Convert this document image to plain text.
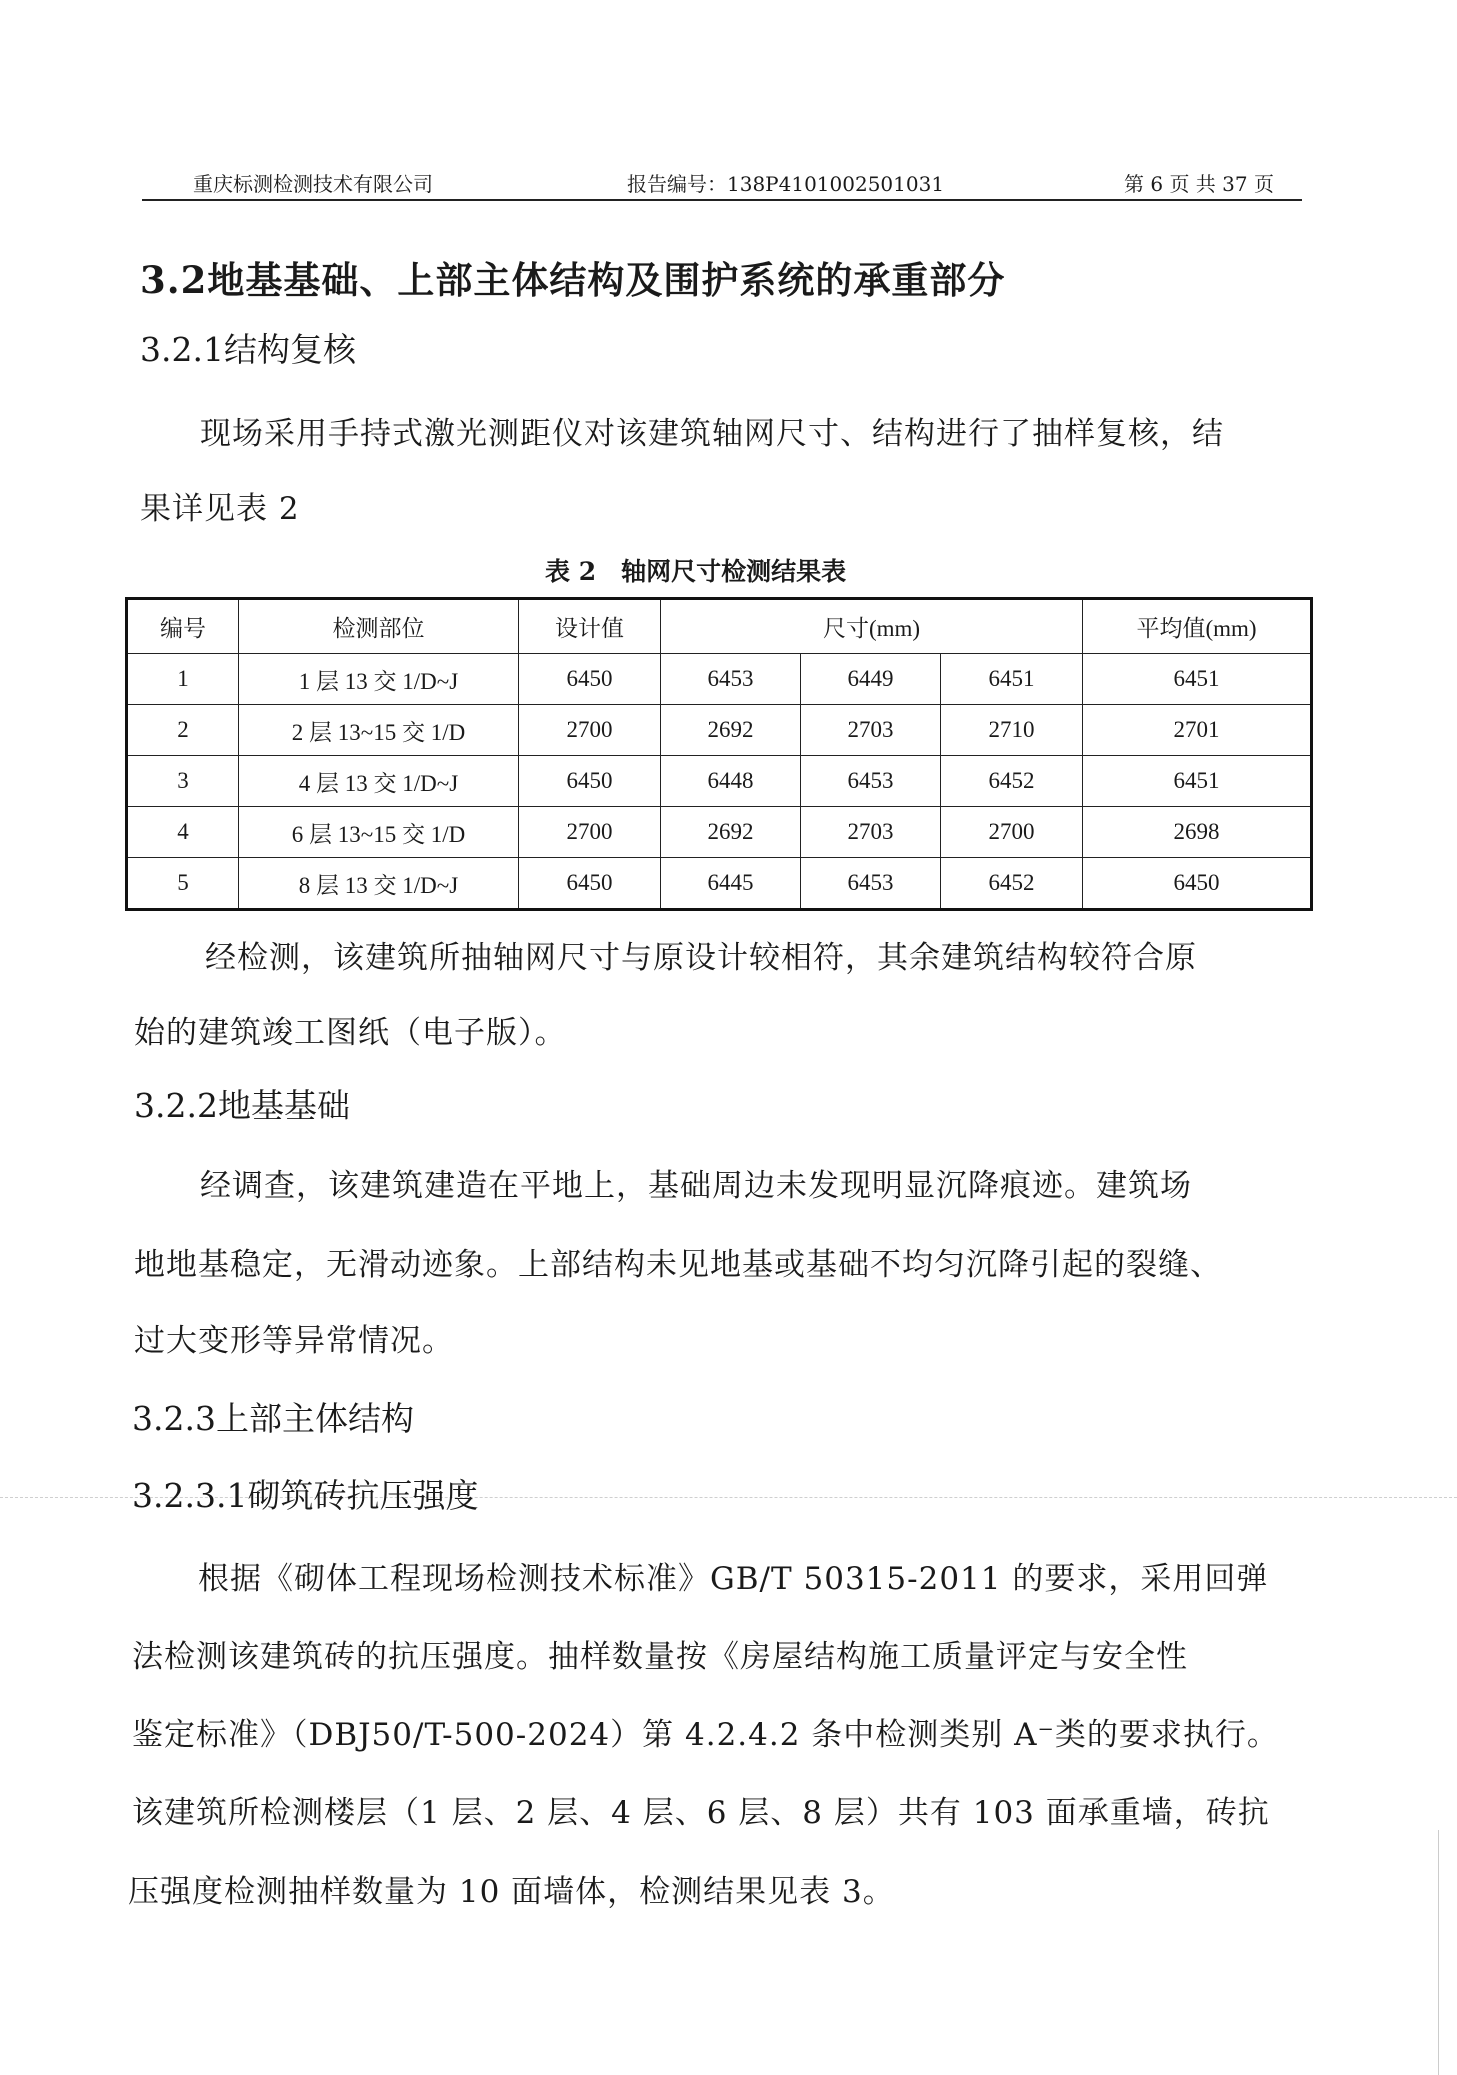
重庆标测检测技术有限公司	报告编号：138P4101002501031	第 6 页 共 37 页
3.2地基基础、上部主体结构及围护系统的承重部分
3.2.1结构复核
现场采用手持式激光测距仪对该建筑轴网尺寸、结构进行了抽样复核，结
果详见表 2
表 2　轴网尺寸检测结果表
编号	检测部位	设计值	尺寸(mm)			平均值(mm)
1	1 层 13 交 1/D~J	6450	6453	6449	6451	6451
2	2 层 13~15 交 1/D	2700	2692	2703	2710	2701
3	4 层 13 交 1/D~J	6450	6448	6453	6452	6451
4	6 层 13~15 交 1/D	2700	2692	2703	2700	2698
5	8 层 13 交 1/D~J	6450	6445	6453	6452	6450
经检测，该建筑所抽轴网尺寸与原设计较相符，其余建筑结构较符合原
始的建筑竣工图纸（电子版）。
3.2.2地基基础
经调查，该建筑建造在平地上，基础周边未发现明显沉降痕迹。建筑场
地地基稳定，无滑动迹象。上部结构未见地基或基础不均匀沉降引起的裂缝、
过大变形等异常情况。
3.2.3上部主体结构
3.2.3.1砌筑砖抗压强度
根据《砌体工程现场检测技术标准》GB/T 50315-2011 的要求，采用回弹
法检测该建筑砖的抗压强度。抽样数量按《房屋结构施工质量评定与安全性
鉴定标准》（DBJ50/T-500-2024）第 4.2.4.2 条中检测类别 A⁻类的要求执行。
该建筑所检测楼层（1 层、2 层、4 层、6 层、8 层）共有 103 面承重墙，砖抗
压强度检测抽样数量为 10 面墙体，检测结果见表 3。
